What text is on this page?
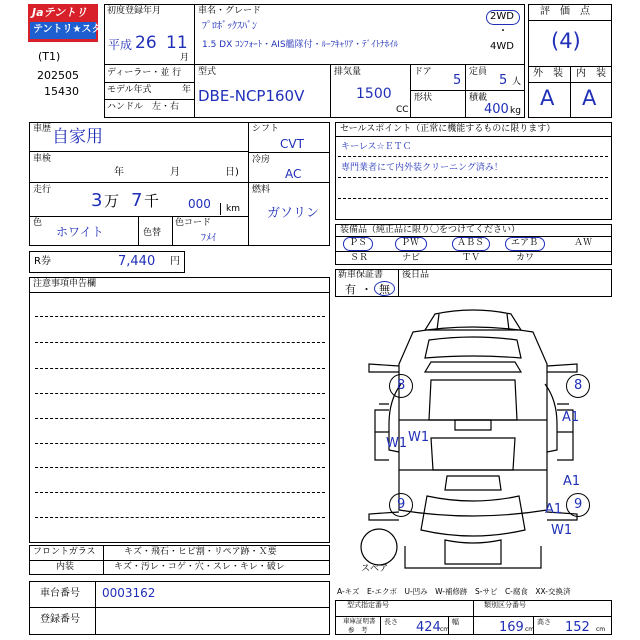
Jaテントリ
テントリ★スター
(T1)
202505
15430
初度登録年月
平成 26 11
月
車名・グレード
ﾌﾟﾛﾎﾞｯｸｽﾊﾞﾝ
1.5 DX ｺﾝﾌｫｰﾄ・AIS艦隊付・ﾙｰﾌｷｬﾘｱ・ﾃﾞｲﾄﾅﾎｲﾙ
2WD
・
4WD
ディーラー・並 行
モデル年式	年
ハンドル　左・右
型式
DBE-NCP160V
排気量
1500
CC
ドア
5
定員
5 人
形状	積載
400 kg
評　価　点
(4)
外　装 内　装
A A
車歴 自家用
車検
年	月	日)
走行 3 万 7 千 000 km
色
ホワイト	色替
色コード
ﾌﾒｲ
シフト
CVT
冷房
AC
燃料
ガソリン
R券	7,440 円
注意事項申告欄
フロントガラス	キズ・飛石・ヒビ割・リペア跡・Ｘ要
内装	キズ・汚レ・コゲ・穴・スレ・キレ・破レ
車台番号 0003162
登録番号
セールスポイント（正常に機能するものに限ります）
キーレス☆ＥＴＣ
専門業者にて内外装クリーニング済み！
装備品（純正品に限り〇をつけてください）
ＰＳ	ＰＷ	ＡＢＳ	エアＢ	ＡＷ
ＳＲ	ナビ	ＴＶ	カワ
新車保証書
有 ・ 無
後日品
8	8
A1
W1 W1
A1
9	9
A1
W1
スペア
A-キズ　E-エクボ　U-凹み　W-補修跡　S-サビ　C-腐食　XX-交換済
型式指定番号	類別区分番号
車庫証明書
参　考
長さ 424 cm
幅	169 cm
高さ 152 cm
